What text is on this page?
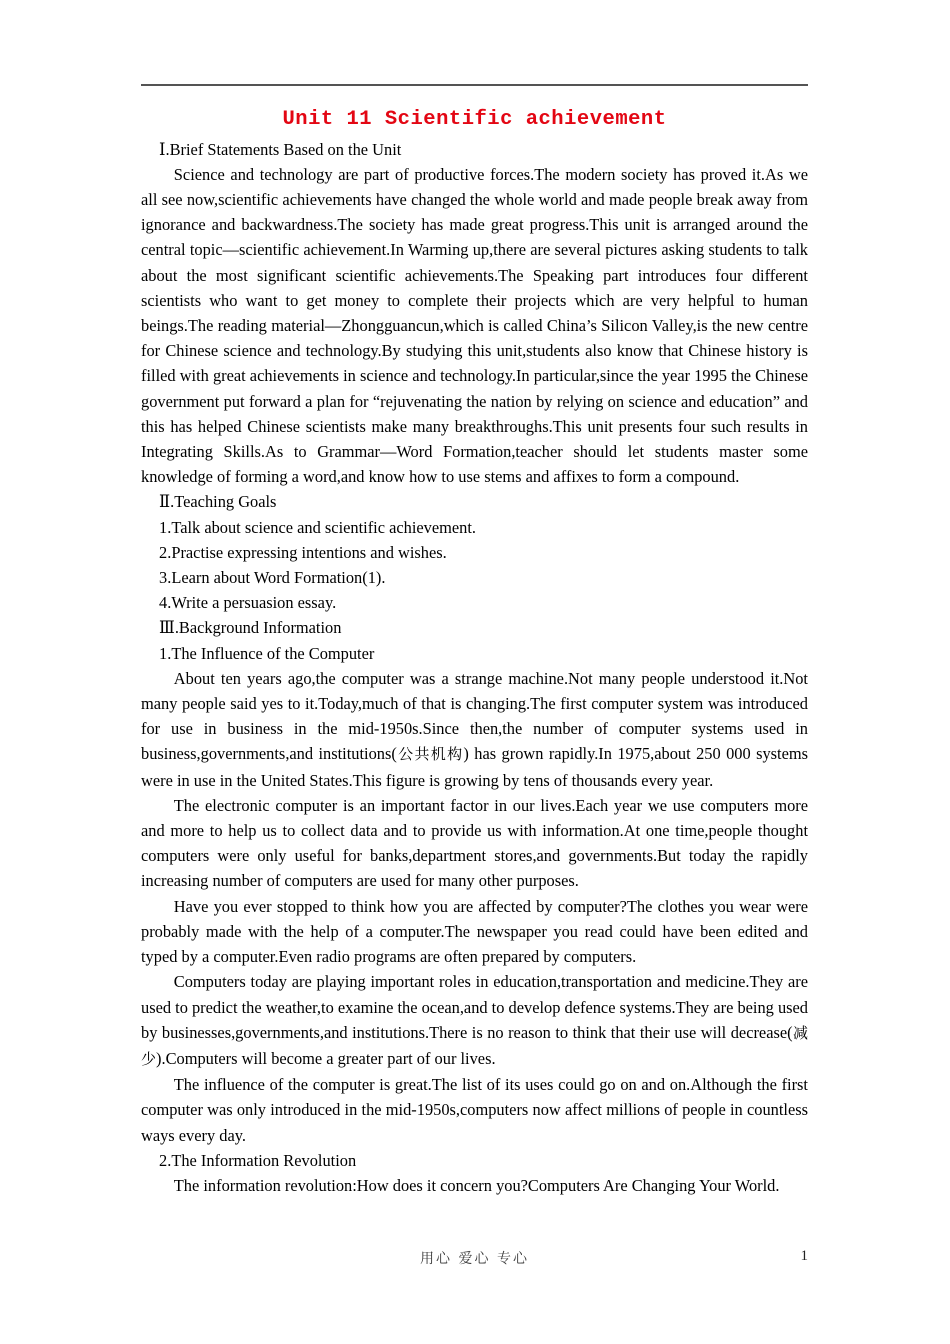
Unit 11 Scientific achievement

Ⅰ.Brief Statements Based on the Unit

Science and technology are part of productive forces.The modern society has proved it.As we all see now,scientific achievements have changed the whole world and made people break away from ignorance and backwardness.The society has made great progress.This unit is arranged around the central topic—scientific achievement.In Warming up,there are several pictures asking students to talk about the most significant scientific achievements.The Speaking part introduces four different scientists who want to get money to complete their projects which are very helpful to human beings.The reading material—Zhongguancun,which is called China’s Silicon Valley,is the new centre for Chinese science and technology.By studying this unit,students also know that Chinese history is filled with great achievements in science and technology.In particular,since the year 1995 the Chinese government put forward a plan for “rejuvenating the nation by relying on science and education” and this has helped Chinese scientists make many breakthroughs.This unit presents four such results in Integrating Skills.As to Grammar—Word Formation,teacher should let students master some knowledge of forming a word,and know how to use stems and affixes to form a compound.

Ⅱ.Teaching Goals

1.Talk about science and scientific achievement.

2.Practise expressing intentions and wishes.

3.Learn about Word Formation(1).

4.Write a persuasion essay.

Ⅲ.Background Information

1.The Influence of the Computer

About ten years ago,the computer was a strange machine.Not many people understood it.Not many people said yes to it.Today,much of that is changing.The first computer system was introduced for use in business in the mid-1950s.Since then,the number of computer systems used in business,governments,and institutions(公共机构) has grown rapidly.In 1975,about 250 000 systems were in use in the United States.This figure is growing by tens of thousands every year.

The electronic computer is an important factor in our lives.Each year we use computers more and more to help us to collect data and to provide us with information.At one time,people thought computers were only useful for banks,department stores,and governments.But today the rapidly increasing number of computers are used for many other purposes.

Have you ever stopped to think how you are affected by computer?The clothes you wear were probably made with the help of a computer.The newspaper you read could have been edited and typed by a computer.Even radio programs are often prepared by computers.

Computers today are playing important roles in education,transportation and medicine.They are used to predict the weather,to examine the ocean,and to develop defence systems.They are being used by businesses,governments,and institutions.There is no reason to think that their use will decrease(减少).Computers will become a greater part of our lives.

The influence of the computer is great.The list of its uses could go on and on.Although the first computer was only introduced in the mid-1950s,computers now affect millions of people in countless ways every day.

2.The Information Revolution

The information revolution:How does it concern you?Computers Are Changing Your World.

用心 爱心 专心	1
